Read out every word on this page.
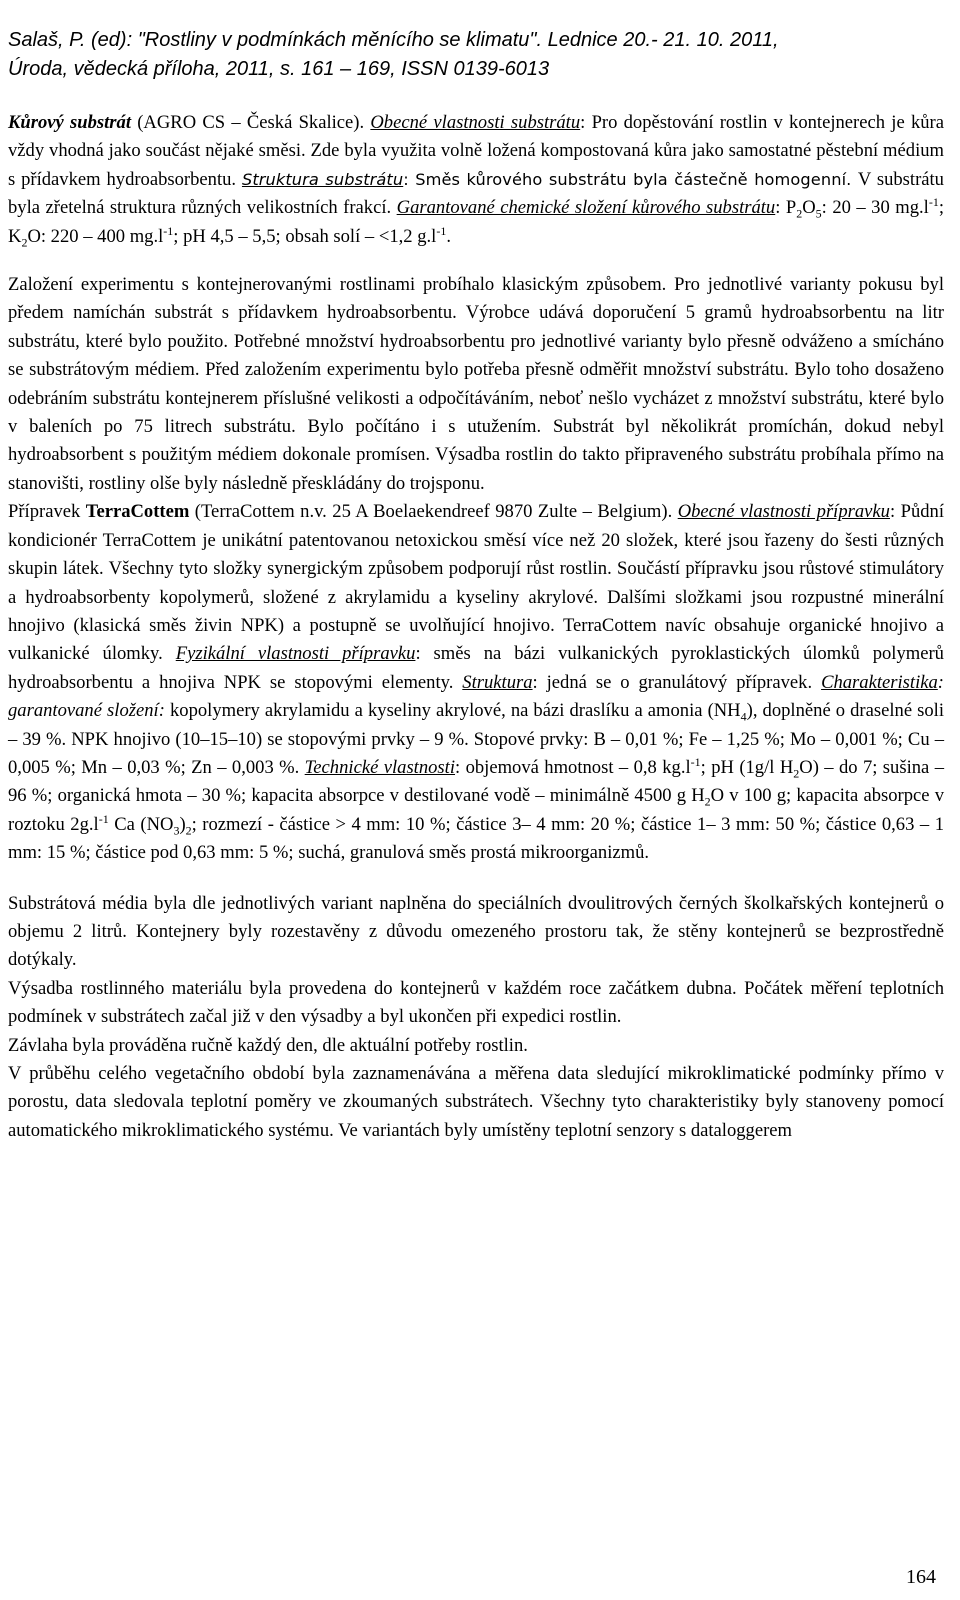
Salaš, P. (ed): "Rostliny v podmínkách měnícího se klimatu". Lednice 20.- 21. 10. 2011,

Úroda, vědecká příloha, 2011, s. 161 – 169, ISSN 0139-6013

Kůrový substrát (AGRO CS – Česká Skalice). Obecné vlastnosti substrátu: Pro dopěstování rostlin v kontejnerech je kůra vždy vhodná jako součást nějaké směsi. Zde byla využita volně ložená kompostovaná kůra jako samostatné pěstební médium s přídavkem hydroabsorbentu. Struktura substrátu: Směs kůrového substrátu byla částečně homogenní. V substrátu byla zřetelná struktura různých velikostních frakcí. Garantované chemické složení kůrového substrátu: $P_2O_5$: 20 – 30 $mg.l^{-1}$; $K_2O$: 220 – 400 $mg.l^{-1}$; pH 4,5 – 5,5; obsah solí – <1,2 $g.l^{-1}$.

Založení experimentu s kontejnerovanými rostlinami probíhalo klasickým způsobem. Pro jednotlivé varianty pokusu byl předem namíchán substrát s přídavkem hydroabsorbentu. Výrobce udává doporučení 5 gramů hydroabsorbentu na litr substrátu, které bylo použito. Potřebné množství hydroabsorbentu pro jednotlivé varianty bylo přesně odváženo a smícháno se substrátovým médiem. Před založením experimentu bylo potřeba přesně odměřit množství substrátu. Bylo toho dosaženo odebráním substrátu kontejnerem příslušné velikosti a odpočítáváním, neboť nešlo vycházet z množství substrátu, které bylo v baleních po 75 litrech substrátu. Bylo počítáno i s utužením. Substrát byl několikrát promíchán, dokud nebyl hydroabsorbent s použitým médiem dokonale promísen. Výsadba rostlin do takto připraveného substrátu probíhala přímo na stanovišti, rostliny olše byly následně přeskládány do trojsponu.

Přípravek TerraCottem (TerraCottem n.v. 25 A Boelaekendreef 9870 Zulte – Belgium). Obecné vlastnosti přípravku: Půdní kondicionér TerraCottem je unikátní patentovanou netoxickou směsí více než 20 složek, které jsou řazeny do šesti různých skupin látek. Všechny tyto složky synergickým způsobem podporují růst rostlin. Součástí přípravku jsou růstové stimulátory a hydroabsorbenty kopolymerů, složené z akrylamidu a kyseliny akrylové. Dalšími složkami jsou rozpustné minerální hnojivo (klasická směs živin NPK) a postupně se uvolňující hnojivo. TerraCottem navíc obsahuje organické hnojivo a vulkanické úlomky. Fyzikální vlastnosti přípravku: směs na bázi vulkanických pyroklastických úlomků polymerů hydroabsorbentu a hnojiva NPK se stopovými elementy. Struktura: jedná se o granulátový přípravek. Charakteristika: garantované složení: kopolymery akrylamidu a kyseliny akrylové, na bázi draslíku a amonia $(NH_4)$, doplněné o draselné soli – 39 %. NPK hnojivo (10–15–10) se stopovými prvky – 9 %. Stopové prvky: B – 0,01 %; Fe – 1,25 %; Mo – 0,001 %; Cu – 0,005 %; Mn – 0,03 %; Zn – 0,003 %. Technické vlastnosti: objemová hmotnost – 0,8 $kg.l^{-1}$; pH (1g/l $H_2O$) – do 7; sušina – 96 %; organická hmota – 30 %; kapacita absorpce v destilované vodě – minimálně 4500 g $H_2O$ v 100 g; kapacita absorpce v roztoku $2g.l^{-1}$ Ca $(NO_3)_2$; rozmezí - částice > 4 mm: 10 %; částice 3– 4 mm: 20 %; částice 1– 3 mm: 50 %; částice 0,63 – 1 mm: 15 %; částice pod 0,63 mm: 5 %; suchá, granulová směs prostá mikroorganizmů.

Substrátová média byla dle jednotlivých variant naplněna do speciálních dvoulitrových černých školkařských kontejnerů o objemu 2 litrů. Kontejnery byly rozestavěny z důvodu omezeného prostoru tak, že stěny kontejnerů se bezprostředně dotýkaly.

Výsadba rostlinného materiálu byla provedena do kontejnerů v každém roce začátkem dubna. Počátek měření teplotních podmínek v substrátech začal již v den výsadby a byl ukončen při expedici rostlin.

Závlaha byla prováděna ručně každý den, dle aktuální potřeby rostlin.

V průběhu celého vegetačního období byla zaznamenávána a měřena data sledující mikroklimatické podmínky přímo v porostu, data sledovala teplotní poměry ve zkoumaných substrátech. Všechny tyto charakteristiky byly stanoveny pomocí automatického mikroklimatického systému. Ve variantách byly umístěny teplotní senzory s dataloggerem

164
